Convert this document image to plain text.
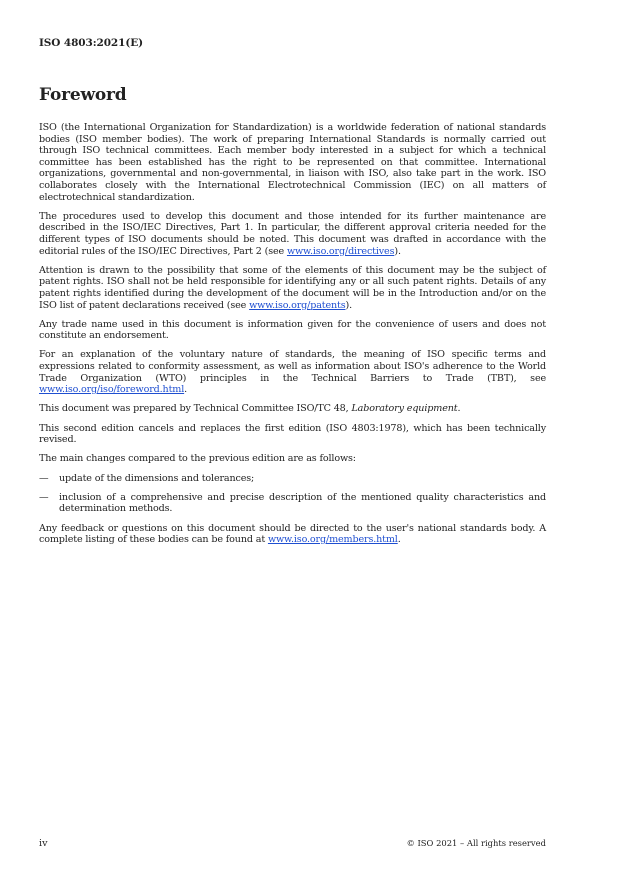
ISO 4803:2021(E)
Foreword

ISO (the International Organization for Standardization) is a worldwide federation of national standards bodies (ISO member bodies). The work of preparing International Standards is normally carried out through ISO technical committees. Each member body interested in a subject for which a technical committee has been established has the right to be represented on that committee. International organizations, governmental and non-governmental, in liaison with ISO, also take part in the work. ISO collaborates closely with the International Electrotechnical Commission (IEC) on all matters of electrotechnical standardization.

The procedures used to develop this document and those intended for its further maintenance are described in the ISO/IEC Directives, Part 1. In particular, the different approval criteria needed for the different types of ISO documents should be noted. This document was drafted in accordance with the editorial rules of the ISO/IEC Directives, Part 2 (see www.iso.org/directives).

Attention is drawn to the possibility that some of the elements of this document may be the subject of patent rights. ISO shall not be held responsible for identifying any or all such patent rights. Details of any patent rights identified during the development of the document will be in the Introduction and/or on the ISO list of patent declarations received (see www.iso.org/patents).

Any trade name used in this document is information given for the convenience of users and does not constitute an endorsement.

For an explanation of the voluntary nature of standards, the meaning of ISO specific terms and expressions related to conformity assessment, as well as information about ISO's adherence to the World Trade Organization (WTO) principles in the Technical Barriers to Trade (TBT), see www.iso.org/iso/foreword.html.

This document was prepared by Technical Committee ISO/TC 48, Laboratory equipment.

This second edition cancels and replaces the first edition (ISO 4803:1978), which has been technically revised.

The main changes compared to the previous edition are as follows:

—	update of the dimensions and tolerances;
—	inclusion of a comprehensive and precise description of the mentioned quality characteristics and determination methods.

Any feedback or questions on this document should be directed to the user's national standards body. A complete listing of these bodies can be found at www.iso.org/members.html.

iv	© ISO 2021 – All rights reserved
